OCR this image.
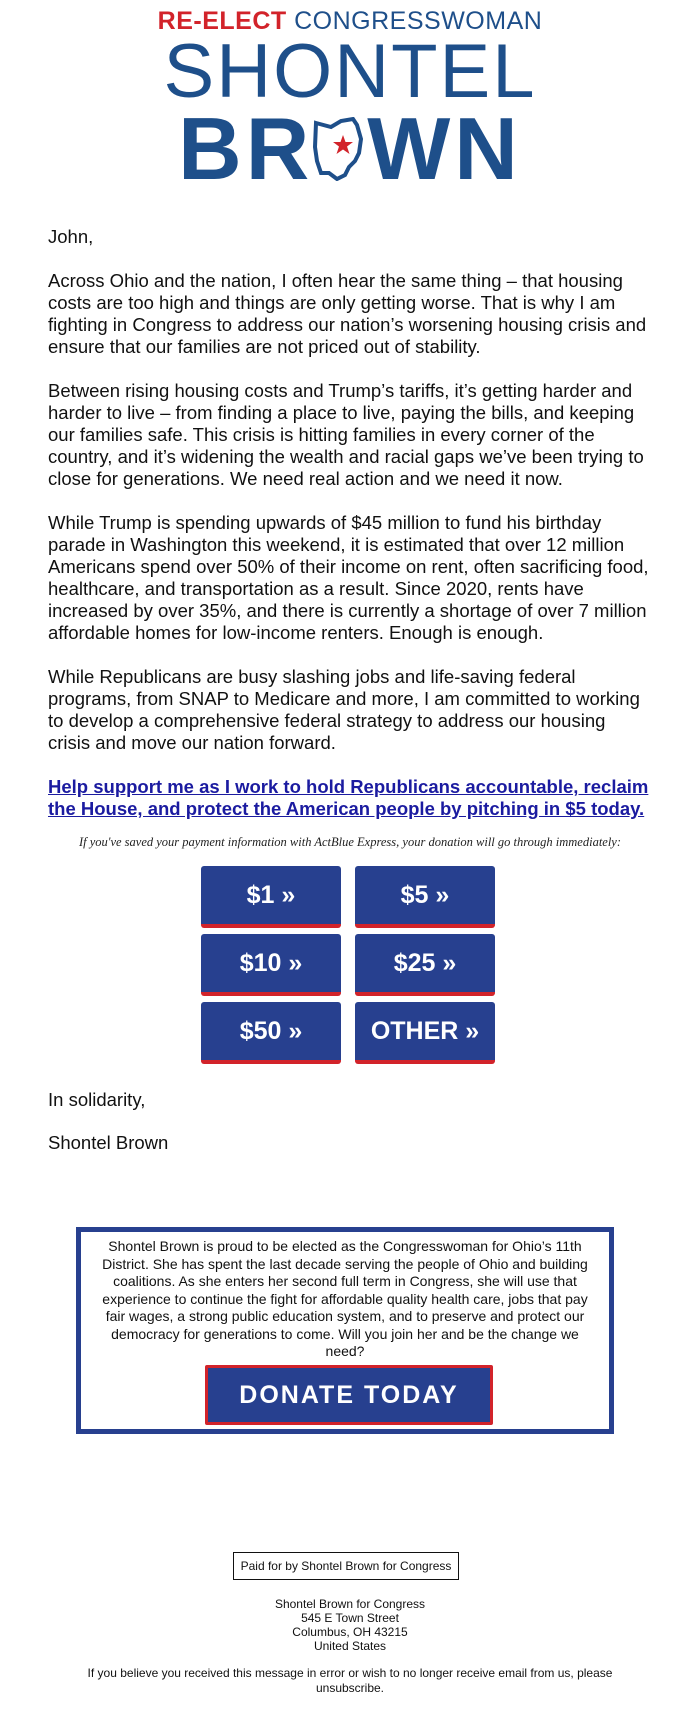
RE-ELECT CONGRESSWOMAN
SHONTEL
BR WN

John,

Across Ohio and the nation, I often hear the same thing – that housing costs are too high and things are only getting worse. That is why I am fighting in Congress to address our nation’s worsening housing crisis and ensure that our families are not priced out of stability.

Between rising housing costs and Trump’s tariffs, it’s getting harder and harder to live – from finding a place to live, paying the bills, and keeping our families safe. This crisis is hitting families in every corner of the country, and it’s widening the wealth and racial gaps we’ve been trying to close for generations. We need real action and we need it now.

While Trump is spending upwards of $45 million to fund his birthday parade in Washington this weekend, it is estimated that over 12 million Americans spend over 50% of their income on rent, often sacrificing food, healthcare, and transportation as a result. Since 2020, rents have increased by over 35%, and there is currently a shortage of over 7 million affordable homes for low-income renters. Enough is enough.

While Republicans are busy slashing jobs and life-saving federal programs, from SNAP to Medicare and more, I am committed to working to develop a comprehensive federal strategy to address our housing crisis and move our nation forward.

Help support me as I work to hold Republicans accountable, reclaim the House, and protect the American people by pitching in $5 today.
If you've saved your payment information with ActBlue Express, your donation will go through immediately:
$1 »	$5 »
$10 »	$25 »
$50 »	OTHER »
In solidarity,
Shontel Brown
Shontel Brown is proud to be elected as the Congresswoman for Ohio’s 11th District. She has spent the last decade serving the people of Ohio and building coalitions. As she enters her second full term in Congress, she will use that experience to continue the fight for affordable quality health care, jobs that pay fair wages, a strong public education system, and to preserve and protect our democracy for generations to come. Will you join her and be the change we need?
DONATE TODAY
Paid for by Shontel Brown for Congress
Shontel Brown for Congress
545 E Town Street
Columbus, OH 43215
United States
If you believe you received this message in error or wish to no longer receive email from us, please unsubscribe.
